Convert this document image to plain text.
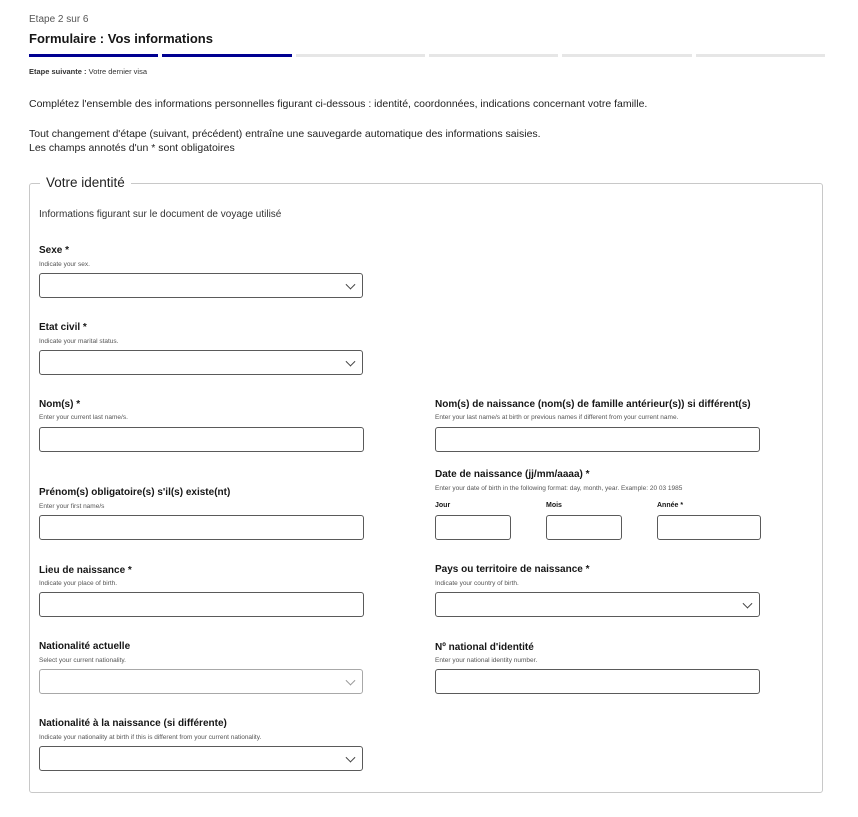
Etape 2 sur 6
Formulaire : Vos informations
Etape suivante : Votre dernier visa
Complétez l'ensemble des informations personnelles figurant ci-dessous : identité, coordonnées, indications concernant votre famille.
Tout changement d'étape (suivant, précédent) entraîne une sauvegarde automatique des informations saisies.
Les champs annotés d'un * sont obligatoires
Votre identité
Informations figurant sur le document de voyage utilisé
Sexe *
Indicate your sex.
Etat civil *
Indicate your marital status.
Nom(s) *
Enter your current last name/s.
Nom(s) de naissance (nom(s) de famille antérieur(s)) si différent(s)
Enter your last name/s at birth or previous names if different from your current name.
Prénom(s) obligatoire(s) s'il(s) existe(nt)
Enter your first name/s
Date de naissance (jj/mm/aaaa) *
Enter your date of birth in the following format: day, month, year. Example: 20 03 1985
Jour	Mois	Année *
Lieu de naissance *
Indicate your place of birth.
Pays ou territoire de naissance *
Indicate your country of birth.
Nationalité actuelle
Select your current nationality.
Nº national d'identité
Enter your national identity number.
Nationalité à la naissance (si différente)
Indicate your nationality at birth if this is different from your current nationality.
